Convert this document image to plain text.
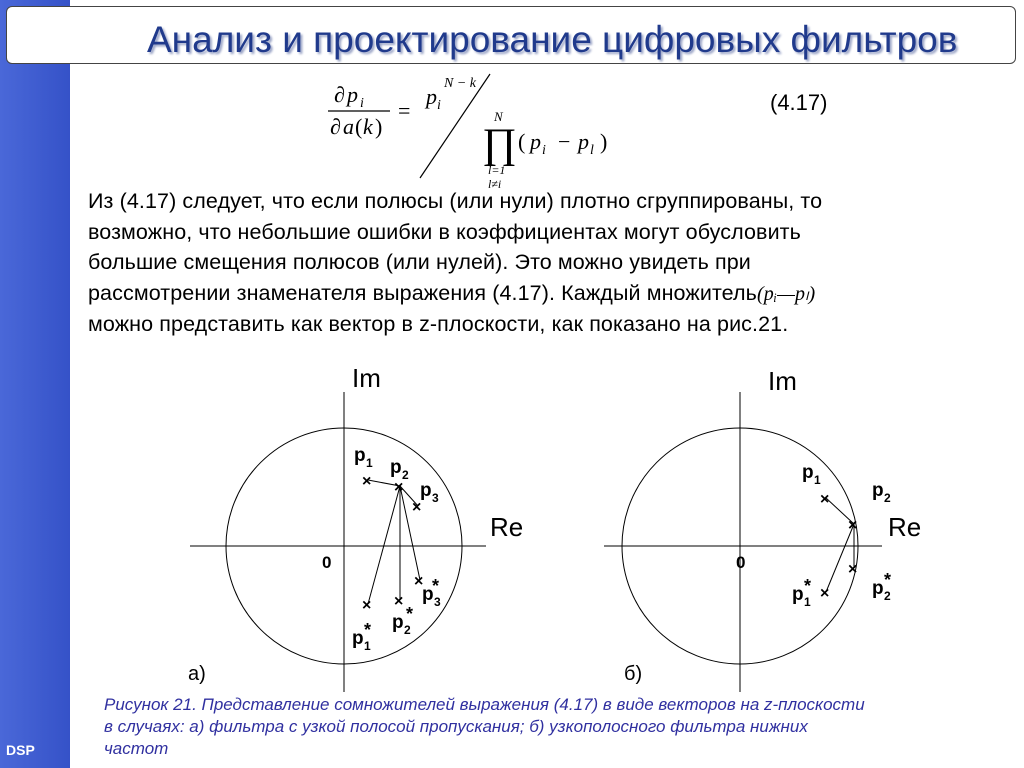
DSP
Анализ и проектирование цифровых фильтров
∂ p i
∂ a ( k )
=
p i
N − k
N
∏
l=1
l≠i
( p i − p l )
(4.17)
Из (4.17) следует, что если полюсы (или нули) плотно сгруппированы, то
возможно, что небольшие ошибки в коэффициентах могут обусловить
большие смещения полюсов (или нулей). Это можно увидеть при
рассмотрении знаменателя выражения (4.17). Каждый множитель(pᵢ—pₗ)
можно представить как вектор в z-плоскости, как показано на рис.21.
Im
Re
0
а)
× ×
×
× ×
×
p 1 p 2
p 3
p 1
* p 2
*
p 3
*
Im
Re
0
б)
×
×
×
×
p 1	p 2
p 1
*	p 2
*
Рисунок 21. Представление сомножителей выражения (4.17) в виде векторов на z-плоскости
в случаях: а) фильтра с узкой полосой пропускания; б) узкополосного фильтра нижних
частот
